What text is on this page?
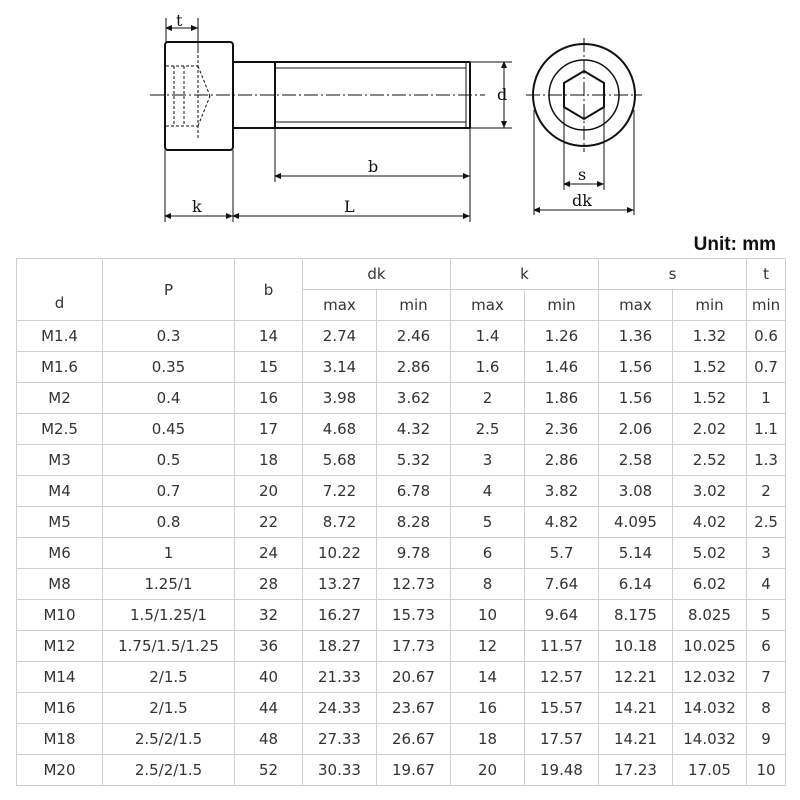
t
d
b
k	L
s
dk
Unit: mm
d	P	b	dk		k		s		t
			max	min	max	min	max	min	min
M1.4	0.3	14	2.74	2.46	1.4	1.26	1.36	1.32	0.6
M1.6	0.35	15	3.14	2.86	1.6	1.46	1.56	1.52	0.7
M2	0.4	16	3.98	3.62	2	1.86	1.56	1.52	1
M2.5	0.45	17	4.68	4.32	2.5	2.36	2.06	2.02	1.1
M3	0.5	18	5.68	5.32	3	2.86	2.58	2.52	1.3
M4	0.7	20	7.22	6.78	4	3.82	3.08	3.02	2
M5	0.8	22	8.72	8.28	5	4.82	4.095	4.02	2.5
M6	1	24	10.22	9.78	6	5.7	5.14	5.02	3
M8	1.25/1	28	13.27	12.73	8	7.64	6.14	6.02	4
M10	1.5/1.25/1	32	16.27	15.73	10	9.64	8.175	8.025	5
M12	1.75/1.5/1.25	36	18.27	17.73	12	11.57	10.18	10.025	6
M14	2/1.5	40	21.33	20.67	14	12.57	12.21	12.032	7
M16	2/1.5	44	24.33	23.67	16	15.57	14.21	14.032	8
M18	2.5/2/1.5	48	27.33	26.67	18	17.57	14.21	14.032	9
M20	2.5/2/1.5	52	30.33	19.67	20	19.48	17.23	17.05	10
